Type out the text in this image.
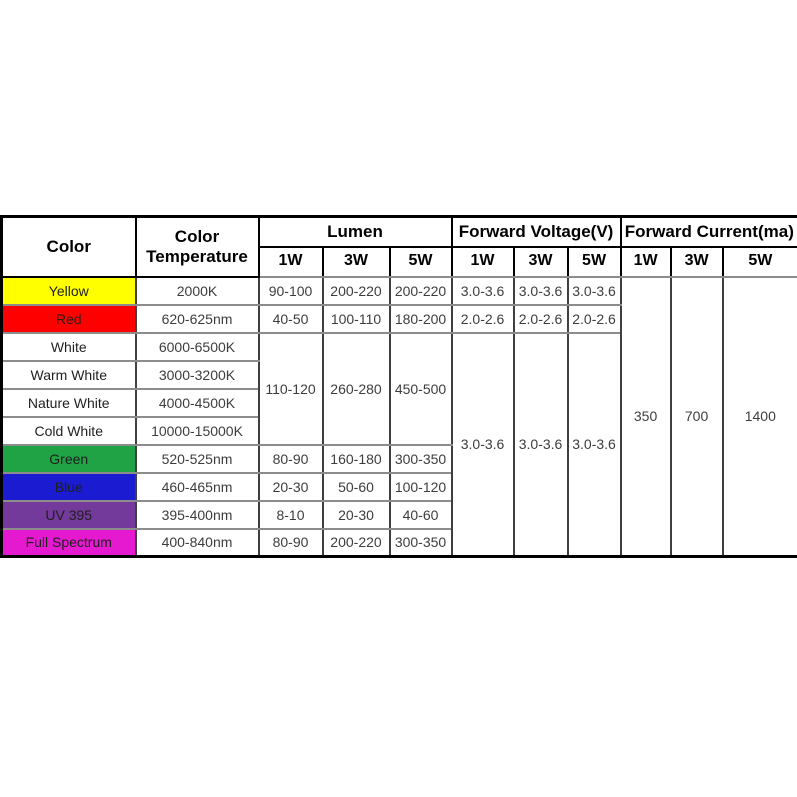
Color	Color Temperature	Lumen			Forward Voltage(V)			Forward Current(ma)		
		1W	3W	5W	1W	3W	5W	1W	3W	5W
Yellow	2000K	90-100	200-220	200-220	3.0-3.6	3.0-3.6	3.0-3.6	350	700	1400
Red	620-625nm	40-50	100-110	180-200	2.0-2.6	2.0-2.6	2.0-2.6			
White	6000-6500K	110-120	260-280	450-500	3.0-3.6	3.0-3.6	3.0-3.6			
Warm White	3000-3200K									
Nature White	4000-4500K									
Cold White	10000-15000K									
Green	520-525nm	80-90	160-180	300-350						
Blue	460-465nm	20-30	50-60	100-120						
UV 395	395-400nm	8-10	20-30	40-60						
Full Spectrum	400-840nm	80-90	200-220	300-350						
